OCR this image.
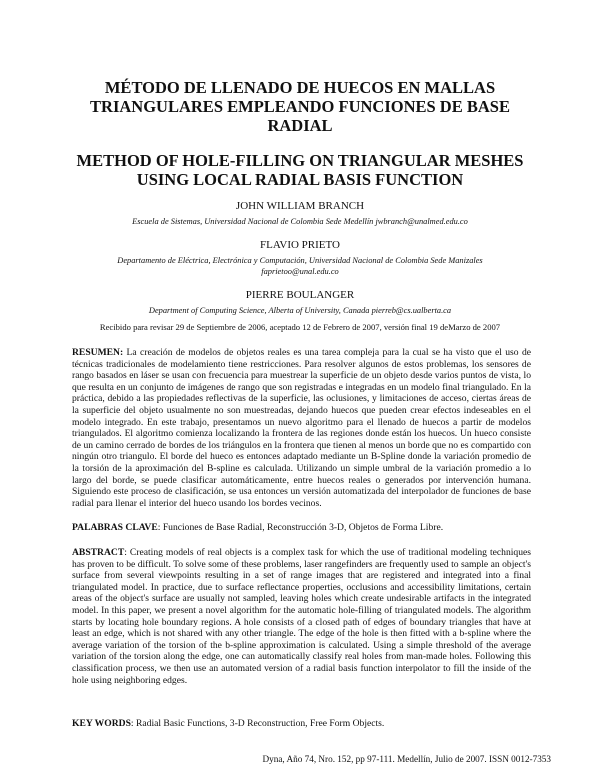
MÉTODO DE LLENADO DE HUECOS EN MALLAS TRIANGULARES EMPLEANDO FUNCIONES DE BASE RADIAL
METHOD OF HOLE-FILLING ON TRIANGULAR MESHES USING LOCAL RADIAL BASIS FUNCTION
JOHN WILLIAM BRANCH
Escuela de Sistemas, Universidad Nacional de Colombia Sede Medellín jwbranch@unalmed.edu.co
FLAVIO PRIETO
Departamento de Eléctrica, Electrónica y Computación, Universidad Nacional de Colombia Sede Manizales
faprietoo@unal.edu.co
PIERRE BOULANGER
Department of Computing Science, Alberta of University, Canada pierreb@cs.ualberta.ca
Recibido para revisar 29 de Septiembre de 2006, aceptado 12 de Febrero de 2007, versión final 19 deMarzo de 2007
RESUMEN: La creación de modelos de objetos reales es una tarea compleja para la cual se ha visto que el uso de técnicas tradicionales de modelamiento tiene restricciones. Para resolver algunos de estos problemas, los sensores de rango basados en láser se usan con frecuencia para muestrear la superficie de un objeto desde varios puntos de vista, lo que resulta en un conjunto de imágenes de rango que son registradas e integradas en un modelo final triangulado. En la práctica, debido a las propiedades reflectivas de la superficie, las oclusiones, y limitaciones de acceso, ciertas áreas de la superficie del objeto usualmente no son muestreadas, dejando huecos que pueden crear efectos indeseables en el modelo integrado. En este trabajo, presentamos un nuevo algoritmo para el llenado de huecos a partir de modelos triangulados. El algoritmo comienza localizando la frontera de las regiones donde están los huecos. Un hueco consiste de un camino cerrado de bordes de los triángulos en la frontera que tienen al menos un borde que no es compartido con ningún otro triangulo. El borde del hueco es entonces adaptado mediante un B-Spline donde la variación promedio de la torsión de la aproximación del B-spline es calculada. Utilizando un simple umbral de la variación promedio a lo largo del borde, se puede clasificar automáticamente, entre huecos reales o generados por intervención humana. Siguiendo este proceso de clasificación, se usa entonces un versión automatizada del interpolador de funciones de base radial para llenar el interior del hueco usando los bordes vecinos.
PALABRAS CLAVE: Funciones de Base Radial, Reconstrucción 3-D, Objetos de Forma Libre.
ABSTRACT: Creating models of real objects is a complex task for which the use of traditional modeling techniques has proven to be difficult. To solve some of these problems, laser rangefinders are frequently used to sample an object's surface from several viewpoints resulting in a set of range images that are registered and integrated into a final triangulated model. In practice, due to surface reflectance properties, occlusions and accessibility limitations, certain areas of the object's surface are usually not sampled, leaving holes which create undesirable artifacts in the integrated model. In this paper, we present a novel algorithm for the automatic hole-filling of triangulated models. The algorithm starts by locating hole boundary regions. A hole consists of a closed path of edges of boundary triangles that have at least an edge, which is not shared with any other triangle. The edge of the hole is then fitted with a b-spline where the average variation of the torsion of the b-spline approximation is calculated. Using a simple threshold of the average variation of the torsion along the edge, one can automatically classify real holes from man-made holes. Following this classification process, we then use an automated version of a radial basis function interpolator to fill the inside of the hole using neighboring edges.
KEY WORDS: Radial Basic Functions, 3-D Reconstruction, Free Form Objects.
Dyna, Año 74, Nro. 152, pp 97-111. Medellín, Julio de 2007. ISSN 0012-7353
